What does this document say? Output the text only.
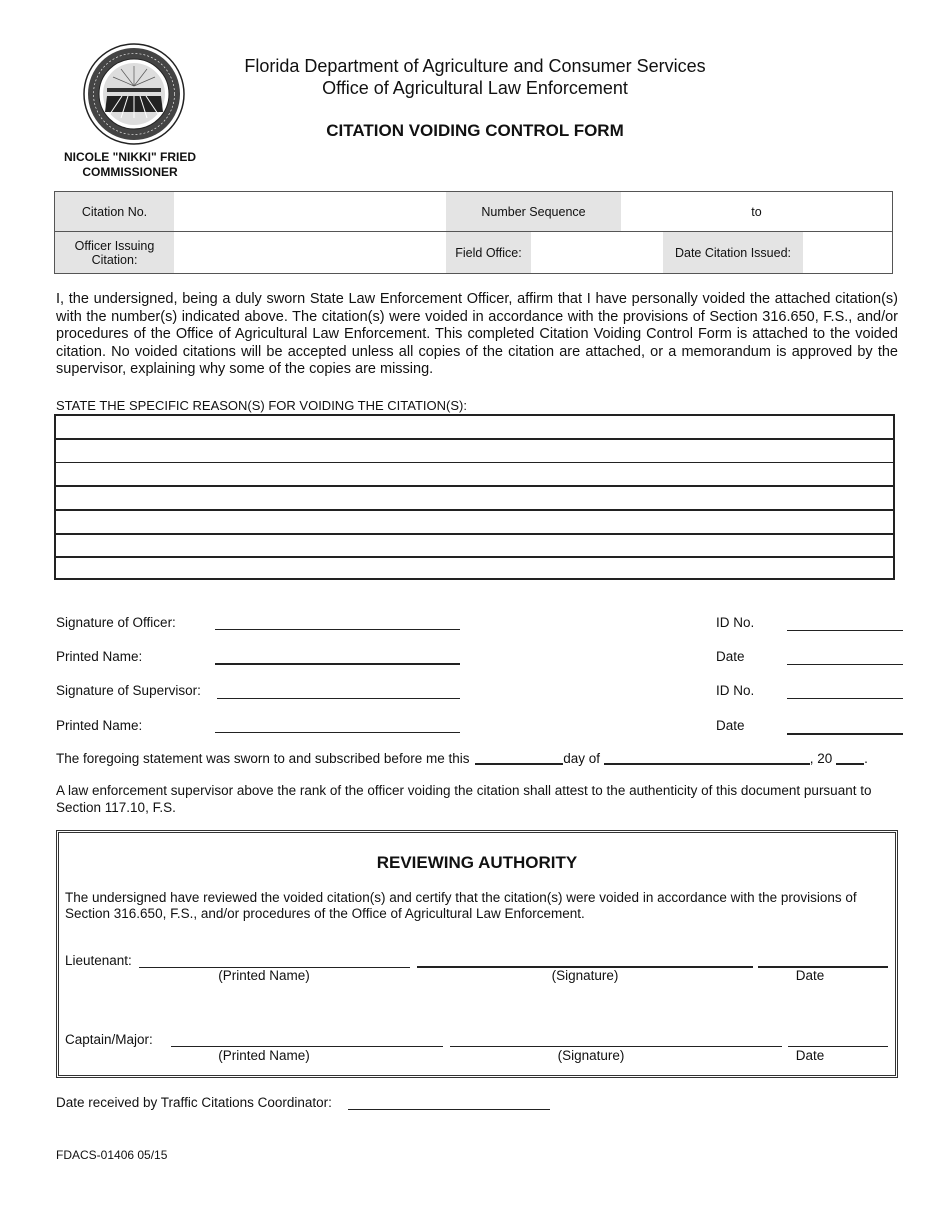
NICOLE "NIKKI" FRIED
COMMISSIONER
Florida Department of Agriculture and Consumer Services
Office of Agricultural Law Enforcement
CITATION VOIDING CONTROL FORM
Citation No.	Number Sequence	to
Officer Issuing
Citation:	Field Office:	Date Citation Issued:
I, the undersigned, being a duly sworn State Law Enforcement Officer, affirm that I have personally voided the attached citation(s) with the number(s) indicated above. The citation(s) were voided in accordance with the provisions of Section 316.650, F.S., and/or procedures of the Office of Agricultural Law Enforcement. This completed Citation Voiding Control Form is attached to the voided citation. No voided citations will be accepted unless all copies of the citation are attached, or a memorandum is approved by the supervisor, explaining why some of the copies are missing.
STATE THE SPECIFIC REASON(S) FOR VOIDING THE CITATION(S):
Signature of Officer:	ID No.
Printed Name:	Date
Signature of Supervisor:	ID No.
Printed Name:	Date
The foregoing statement was sworn to and subscribed before me this	day of	, 20 .
A law enforcement supervisor above the rank of the officer voiding the citation shall attest to the authenticity of this document pursuant to Section 117.10, F.S.
REVIEWING AUTHORITY
The undersigned have reviewed the voided citation(s) and certify that the citation(s) were voided in accordance with the provisions of Section 316.650, F.S., and/or procedures of the Office of Agricultural Law Enforcement.
Lieutenant:
(Printed Name)	(Signature)	Date
Captain/Major:
(Printed Name)	(Signature)	Date
Date received by Traffic Citations Coordinator:
FDACS-01406 05/15
